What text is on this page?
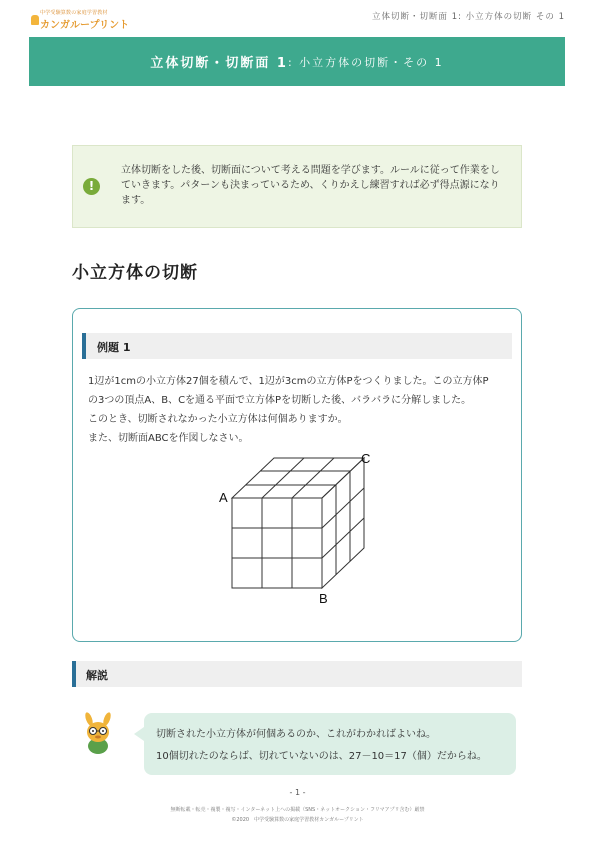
中学受験算数の家庭学習教材
カンガループリント
立体切断・切断面 1: 小立方体の切断 その 1
立体切断・切断面 1 : 小立方体の切断・その 1
!
立体切断をした後、切断面について考える問題を学びます。ルールに従って作業をしていきます。パターンも決まっているため、くりかえし練習すれば必ず得点源になります。
小立方体の切断
例題 1
1辺が1cmの小立方体27個を積んで、1辺が3cmの立方体Pをつくりました。この立方体P
の3つの頂点A、B、Cを通る平面で立方体Pを切断した後、バラバラに分解しました。
このとき、切断されなかった小立方体は何個ありますか。
また、切断面ABCを作図しなさい。
A
B
C
解説
切断された小立方体が何個あるのか、これがわかればよいね。
10個切れたのならば、切れていないのは、27－10＝17（個）だからね。
- 1 -
無断転載・転売・複製・複写・インターネット上への掲載（SNS・ネットオークション・フリマアプリ含む）厳禁
©2020　中学受験算数の家庭学習教材カンガループリント
